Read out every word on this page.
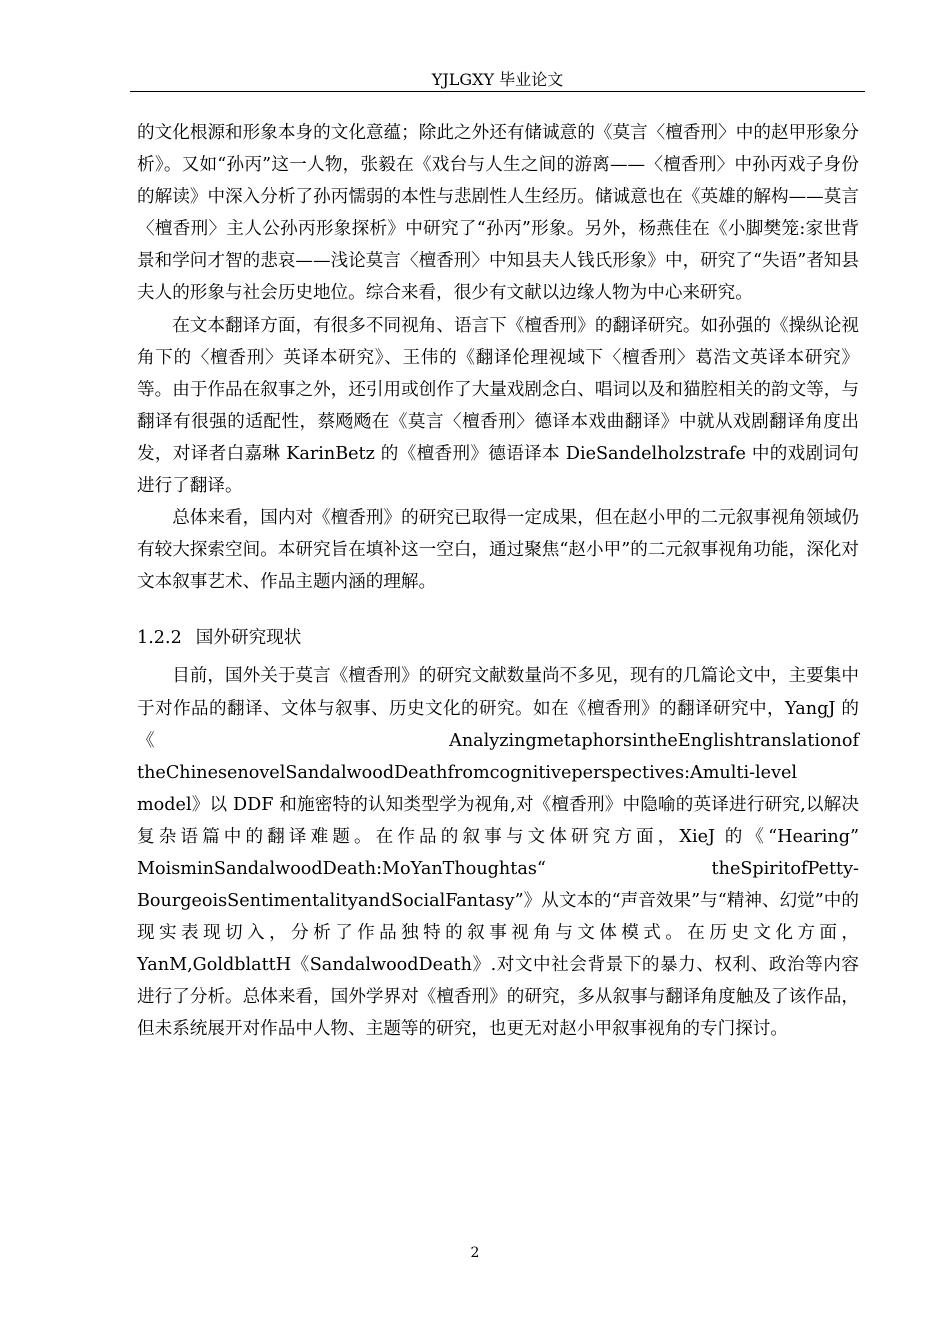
YJLGXY 毕业论文

的文化根源和形象本身的文化意蕴；除此之外还有储诚意的《莫言〈檀香刑〉中的赵甲形象分析》。又如“孙丙”这一人物，张毅在《戏台与人生之间的游离——〈檀香刑〉中孙丙戏子身份的解读》中深入分析了孙丙懦弱的本性与悲剧性人生经历。储诚意也在《英雄的解构——莫言〈檀香刑〉主人公孙丙形象探析》中研究了“孙丙”形象。另外，杨燕佳在《小脚樊笼:家世背景和学问才智的悲哀——浅论莫言〈檀香刑〉中知县夫人钱氏形象》中，研究了“失语”者知县夫人的形象与社会历史地位。综合来看，很少有文献以边缘人物为中心来研究。

在文本翻译方面，有很多不同视角、语言下《檀香刑》的翻译研究。如孙强的《操纵论视角下的〈檀香刑〉英译本研究》、王伟的《翻译伦理视域下〈檀香刑〉葛浩文英译本研究》等。由于作品在叙事之外，还引用或创作了大量戏剧念白、唱词以及和猫腔相关的韵文等，与翻译有很强的适配性，蔡飏飏在《莫言〈檀香刑〉德译本戏曲翻译》中就从戏剧翻译角度出发，对译者白嘉琳 KarinBetz 的《檀香刑》德语译本 DieSandelholzstrafe 中的戏剧词句进行了翻译。

总体来看，国内对《檀香刑》的研究已取得一定成果，但在赵小甲的二元叙事视角领域仍有较大探索空间。本研究旨在填补这一空白，通过聚焦“赵小甲”的二元叙事视角功能，深化对文本叙事艺术、作品主题内涵的理解。

1.2.2 国外研究现状

目前，国外关于莫言《檀香刑》的研究文献数量尚不多见，现有的几篇论文中，主要集中于对作品的翻译、文体与叙事、历史文化的研究。如在《檀香刑》的翻译研究中，YangJ 的《AnalyzingmetaphorsintheEnglishtranslationof theChinesenovelSandalwoodDeathfromcognitiveperspectives:Amulti-level model》以 DDF 和施密特的认知类型学为视角,对《檀香刑》中隐喻的英译进行研究,以解决复杂语篇中的翻译难题。在作品的叙事与文体研究方面，XieJ 的《“Hearing” MoisminSandalwoodDeath:MoYanThoughtas“ theSpiritofPetty-BourgeoisSentimentalityandSocialFantasy”》从文本的“声音效果”与“精神、幻觉”中的现实表现切入，分析了作品独特的叙事视角与文体模式。在历史文化方面，YanM,GoldblattH《SandalwoodDeath》.对文中社会背景下的暴力、权利、政治等内容进行了分析。总体来看，国外学界对《檀香刑》的研究，多从叙事与翻译角度触及了该作品，但未系统展开对作品中人物、主题等的研究，也更无对赵小甲叙事视角的专门探讨。

2
